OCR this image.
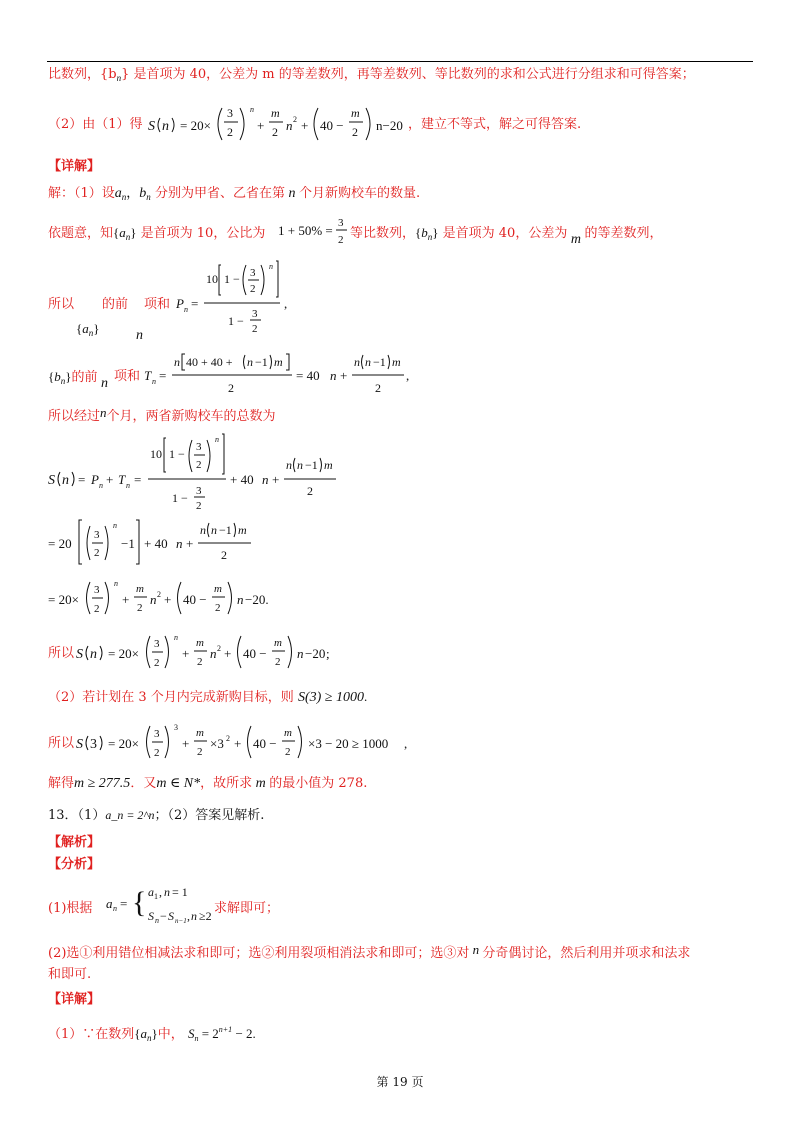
比数列，$\{b_n\}$ 是首项为 40，公差为 m 的等差数列，再等差数列、等比数列的求和公式进行分组求和可得答案；
（2）由（1）得 S n = 20×
3
2
n
+
m
2 n 2 + 40 −
m
2 n−20 ，建立不等式，解之可得答案.
【详解】
解：（1）设$a_n$，$b_n$ 分别为甲省、乙省在第 n 个月新购校车的数量.
依题意，知$\{a_n\}$ 是首项为 10，公比为 1 + 50% = 3
2 等比数列，$\{b_n\}$ 是首项为 40，公差为 m 的等差数列，
所以 的前 项和
$\{a_n\}$	n
P n =
10 1 − 3
2
n
1 − 3
2
,
$\{b_n\}$的前 n 项和 T n =
n 40 + 40 + n −1 m
2
= 40 n +
n n −1 m
2
,
所以经过n个月，两省新购校车的总数为
S n = P n + T n =
10 1 − 3
2
n
1 − 3
2
+ 40 n +
n n −1 m
2
= 20
3
2
n
−1 + 40 n +
n n −1 m
2
= 20×
3
2
n
+
m
2
n 2 + 40 −
m
2
n −20.
所以 S n = 20×
3
2
n
+
m
2
n 2 + 40 −
m
2
n −20 ;
（2）若计划在 3 个月内完成新购目标，则 S(3) ≥ 1000.
所以 S 3 = 20×
3
2
3
+
m
2
×3 2 + 40 −
m
2
×3 − 20 ≥ 1000 ,
解得m ≥ 277.5．又m ∈ N*，故所求 m 的最小值为 278.
13．（1）a_n = 2^n；（2）答案见解析.
【解析】
【分析】
(1)根据 a n = { a 1 , n = 1
S n − S n−1 , n ≥2 求解即可；
(2)选①利用错位相减法求和即可；选②利用裂项相消法求和即可；选③对 n 分奇偶讨论，然后利用并项求和法求
和即可.
【详解】
（1）∵在数列$\{a_n\}$中， $S_n = 2^{n+1} - 2$.
第 19 页
